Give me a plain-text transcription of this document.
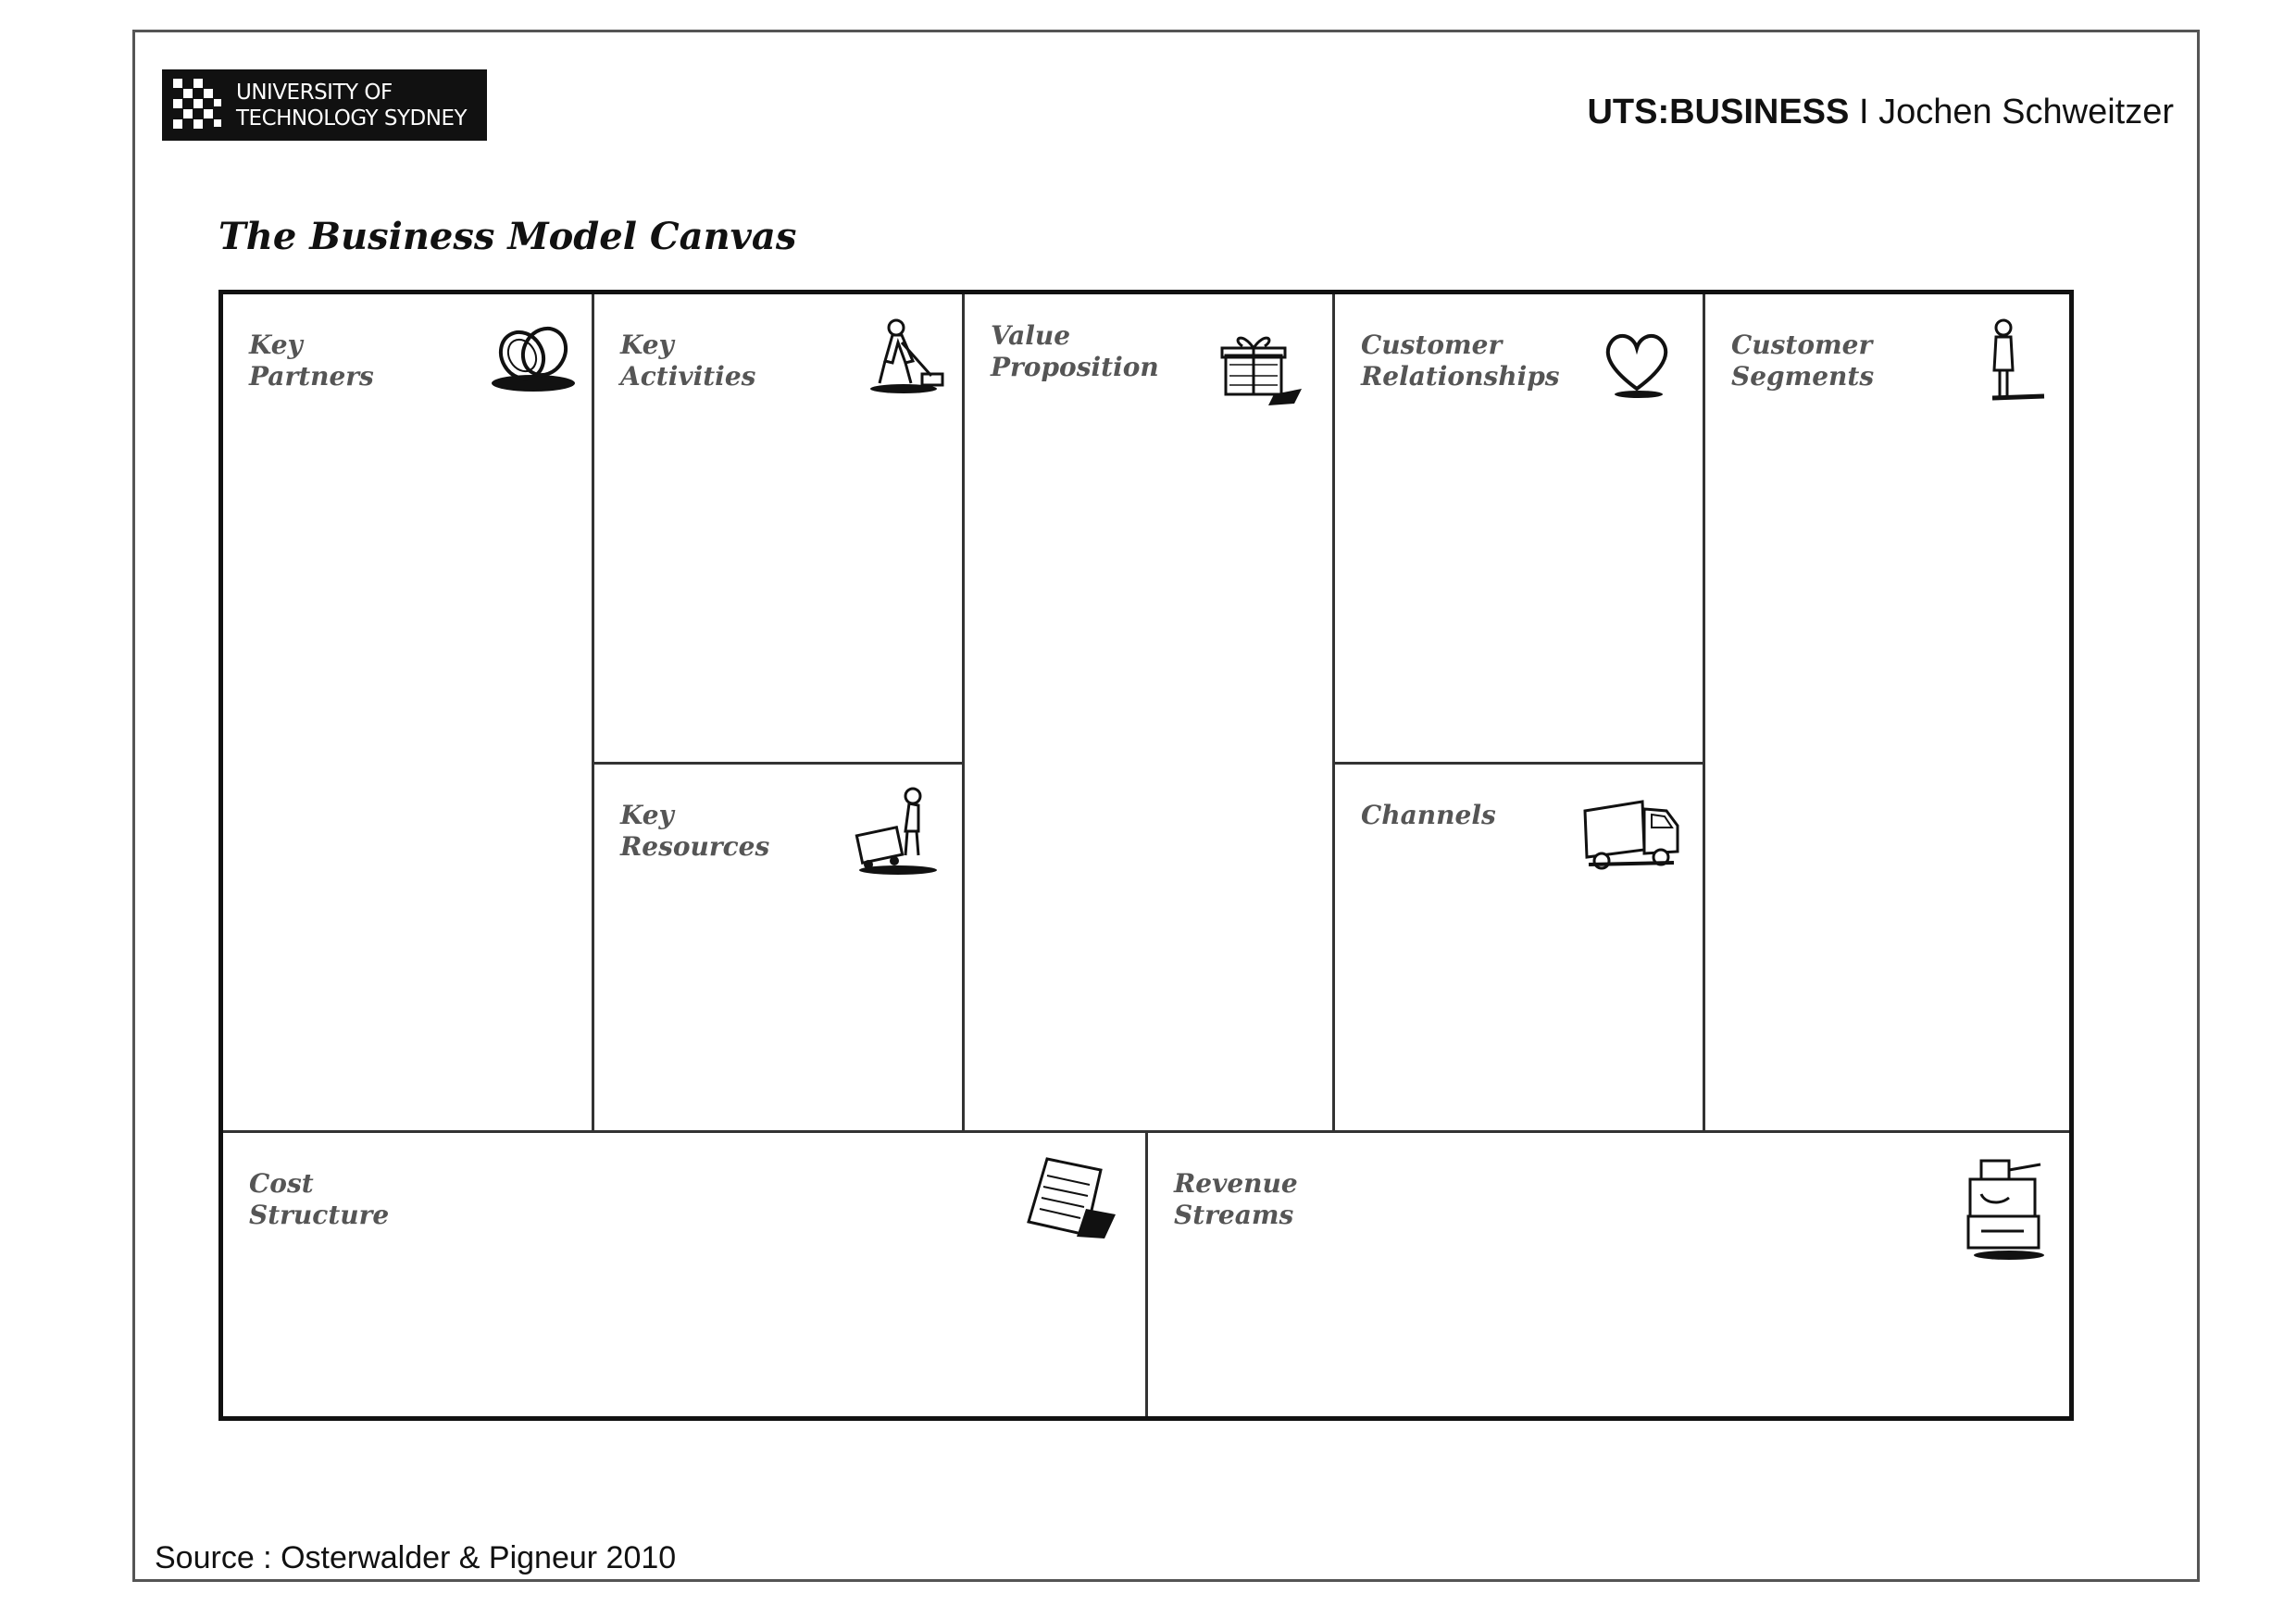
UNIVERSITY OF
TECHNOLOGY SYDNEY	UTS:BUSINESS I Jochen Schweitzer
The Business Model Canvas
Key
Partners
Key
Activities
Key
Resources
Value
Proposition
Customer
Relationships
Channels
Customer
Segments
Cost
Structure
Revenue
Streams
Source : Osterwalder & Pigneur 2010
